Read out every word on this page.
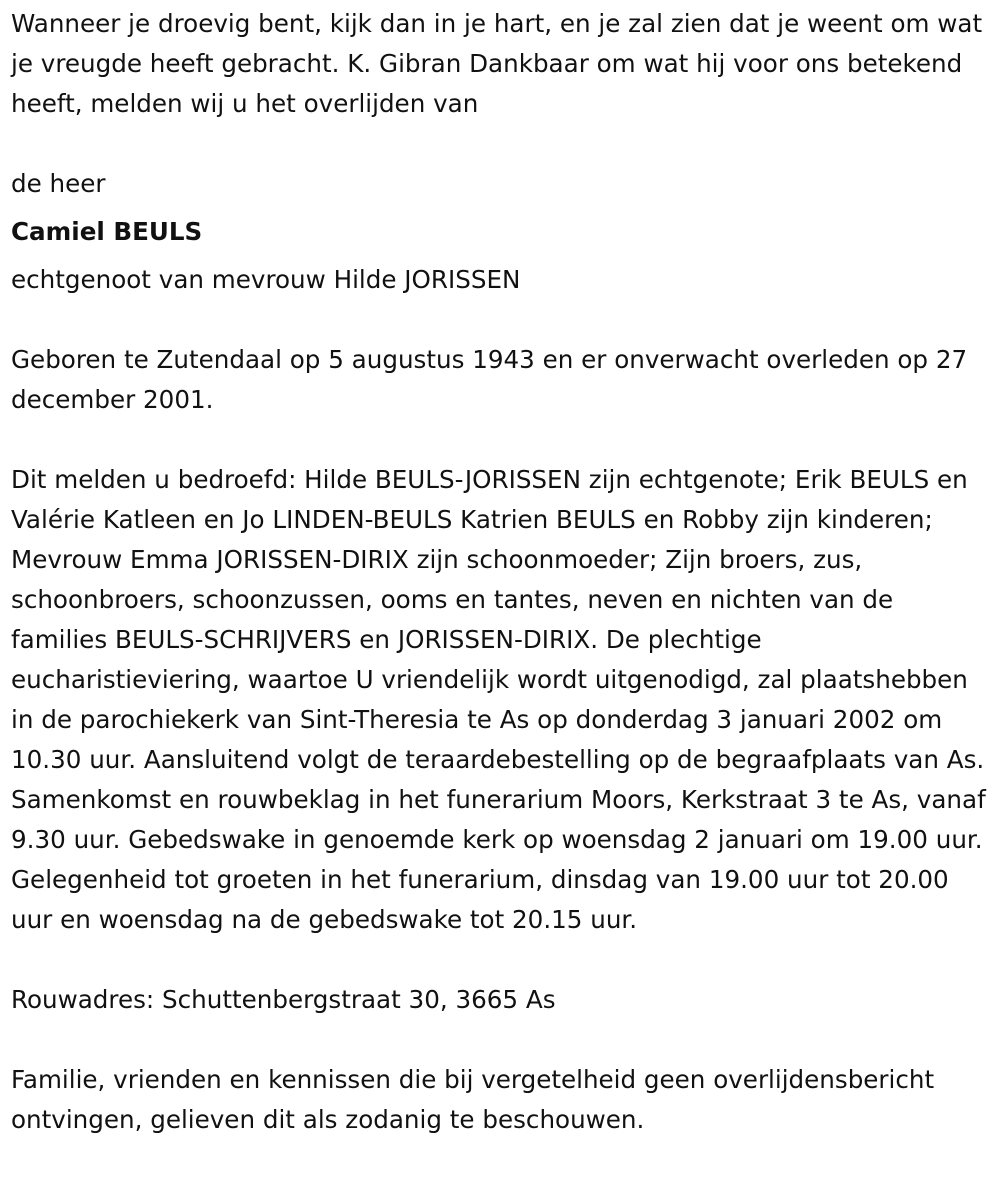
Wanneer je droevig bent, kijk dan in je hart, en je zal zien dat je weent om wat je vreugde heeft gebracht. K. Gibran Dankbaar om wat hij voor ons betekend heeft, melden wij u het overlijden van

de heer

Camiel BEULS

echtgenoot van mevrouw Hilde JORISSEN

Geboren te Zutendaal op 5 augustus 1943 en er onverwacht overleden op 27 december 2001.

Dit melden u bedroefd: Hilde BEULS-JORISSEN zijn echtgenote; Erik BEULS en Valérie Katleen en Jo LINDEN-BEULS Katrien BEULS en Robby zijn kinderen; Mevrouw Emma JORISSEN-DIRIX zijn schoonmoeder; Zijn broers, zus, schoonbroers, schoonzussen, ooms en tantes, neven en nichten van de families BEULS-SCHRIJVERS en JORISSEN-DIRIX. De plechtige eucharistieviering, waartoe U vriendelijk wordt uitgenodigd, zal plaatshebben in de parochiekerk van Sint-Theresia te As op donderdag 3 januari 2002 om 10.30 uur. Aansluitend volgt de teraardebestelling op de begraafplaats van As. Samenkomst en rouwbeklag in het funerarium Moors, Kerkstraat 3 te As, vanaf 9.30 uur. Gebedswake in genoemde kerk op woensdag 2 januari om 19.00 uur. Gelegenheid tot groeten in het funerarium, dinsdag van 19.00 uur tot 20.00 uur en woensdag na de gebedswake tot 20.15 uur.

Rouwadres: Schuttenbergstraat 30, 3665 As

Familie, vrienden en kennissen die bij vergetelheid geen overlijdensbericht ontvingen, gelieven dit als zodanig te beschouwen.
